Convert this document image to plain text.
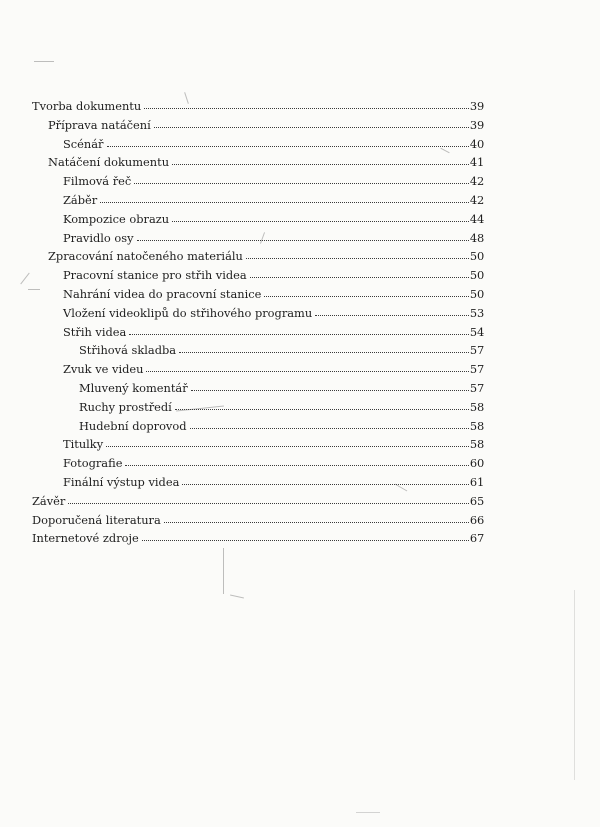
Tvorba dokumentu	39
Příprava natáčení	39
Scénář	40
Natáčení dokumentu	41
Filmová řeč	42
Záběr	42
Kompozice obrazu	44
Pravidlo osy	48
Zpracování natočeného materiálu	50
Pracovní stanice pro střih videa	50
Nahrání videa do pracovní stanice	50
Vložení videoklipů do střihového programu	53
Střih videa	54
Střihová skladba	57
Zvuk ve videu	57
Mluvený komentář	57
Ruchy prostředí	58
Hudební doprovod	58
Titulky	58
Fotografie	60
Finální výstup videa	61
Závěr	65
Doporučená literatura	66
Internetové zdroje	67
